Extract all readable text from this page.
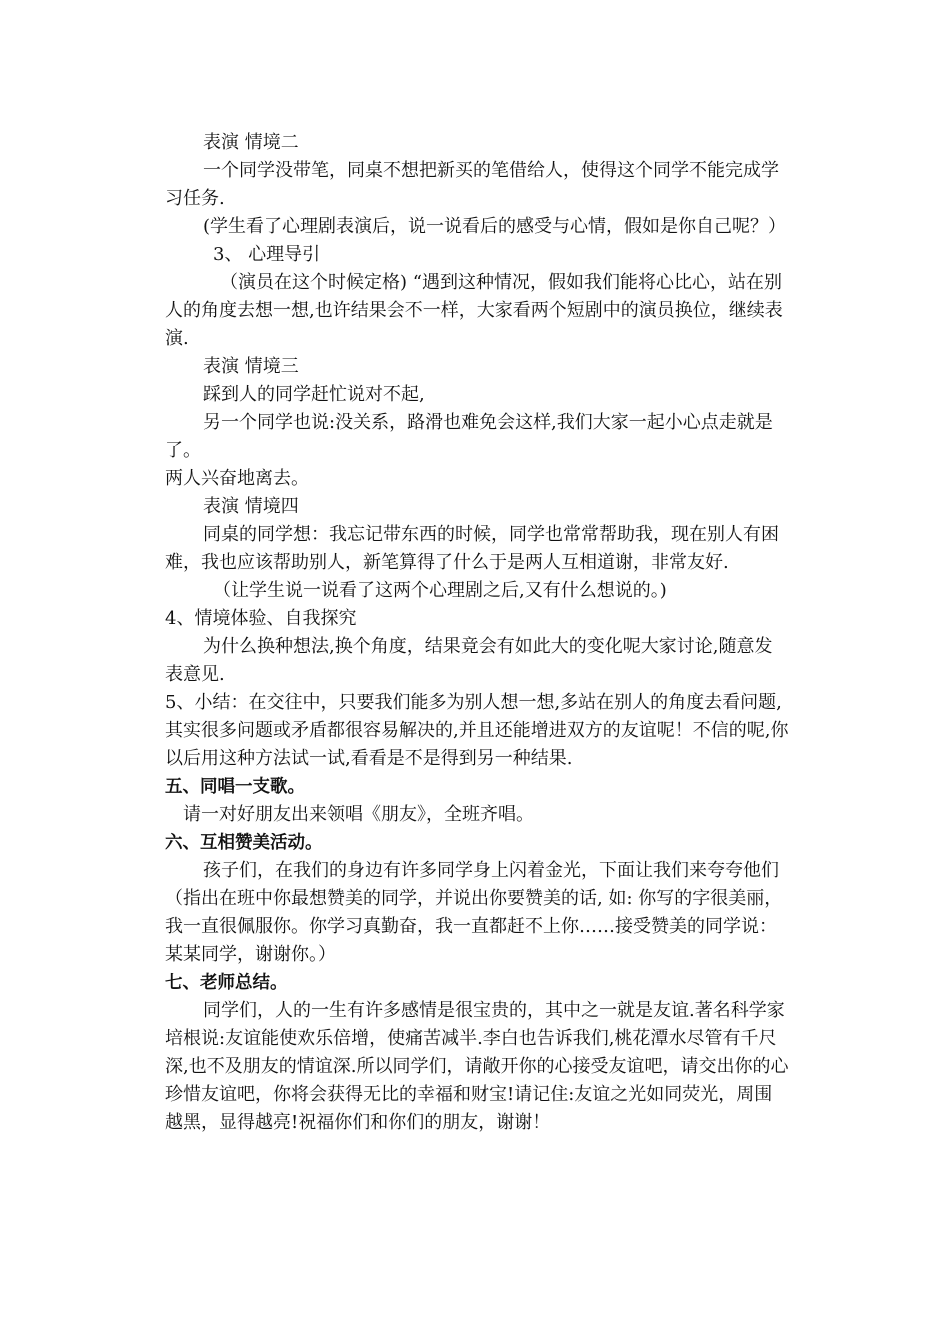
表演 情境二

一个同学没带笔，同桌不想把新买的笔借给人，使得这个同学不能完成学习任务.

(学生看了心理剧表演后，说一说看后的感受与心情，假如是你自己呢？）

3、 心理导引

（演员在这个时候定格) “遇到这种情况，假如我们能将心比心，站在别人的角度去想一想,也许结果会不一样，大家看两个短剧中的演员换位，继续表演.

表演 情境三

踩到人的同学赶忙说对不起,

另一个同学也说:没关系，路滑也难免会这样,我们大家一起小心点走就是了。

两人兴奋地离去。

表演 情境四

同桌的同学想：我忘记带东西的时候，同学也常常帮助我，现在别人有困难，我也应该帮助别人，新笔算得了什么于是两人互相道谢，非常友好.

（让学生说一说看了这两个心理剧之后,又有什么想说的。)

4、情境体验、自我探究

为什么换种想法,换个角度，结果竟会有如此大的变化呢大家讨论,随意发表意见.

5、小结：在交往中，只要我们能多为别人想一想,多站在别人的角度去看问题,其实很多问题或矛盾都很容易解决的,并且还能增进双方的友谊呢！不信的呢,你以后用这种方法试一试,看看是不是得到另一种结果.

五、同唱一支歌。

请一对好朋友出来领唱《朋友》，全班齐唱。

六、互相赞美活动。

孩子们，在我们的身边有许多同学身上闪着金光，下面让我们来夸夸他们（指出在班中你最想赞美的同学，并说出你要赞美的话, 如: 你写的字很美丽，我一直很佩服你。你学习真勤奋，我一直都赶不上你……接受赞美的同学说：某某同学，谢谢你。）

七、老师总结。

同学们，人的一生有许多感情是很宝贵的，其中之一就是友谊.著名科学家培根说:友谊能使欢乐倍增，使痛苦减半.李白也告诉我们,桃花潭水尽管有千尺深,也不及朋友的情谊深.所以同学们，请敞开你的心接受友谊吧，请交出你的心珍惜友谊吧，你将会获得无比的幸福和财宝!请记住:友谊之光如同荧光，周围越黑，显得越亮!祝福你们和你们的朋友，谢谢！
